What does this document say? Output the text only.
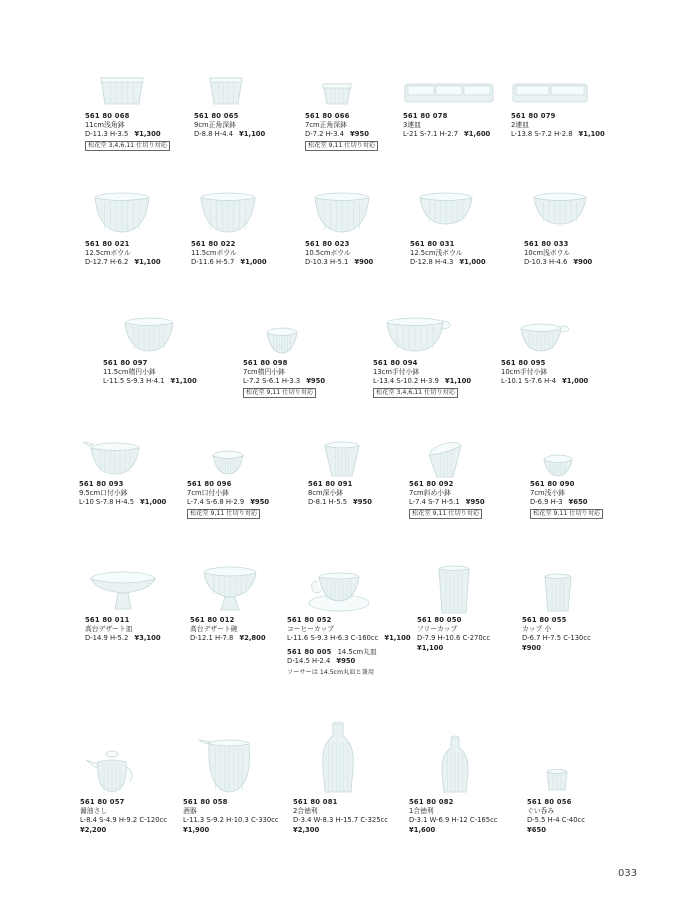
561 80 068
11cm浅角鉢
D-11.3 H-3.5 ¥1,300
松花堂 3,4,6,11 仕切り対応
561 80 065
9cm正角深鉢
D-8.8 H-4.4 ¥1,100
561 80 066
7cm正角深鉢
D-7.2 H-3.4 ¥950
松花堂 9,11 仕切り対応
561 80 078
3連皿
L-21 S-7.1 H-2.7 ¥1,600
561 80 079
2連皿
L-13.8 S-7.2 H-2.8 ¥1,100
561 80 021
12.5cmボウル
D-12.7 H-6.2 ¥1,100
561 80 022
11.5cmボウル
D-11.6 H-5.7 ¥1,000
561 80 023
10.5cmボウル
D-10.3 H-5.1 ¥900
561 80 031
12.5cm浅ボウル
D-12.8 H-4.3 ¥1,000
561 80 033
10cm浅ボウル
D-10.3 H-4.6 ¥900
561 80 097
11.5cm楕円小鉢
L-11.5 S-9.3 H-4.1 ¥1,100
561 80 098
7cm楕円小鉢
L-7.2 S-6.1 H-3.3 ¥950
松花堂 9,11 仕切り対応
561 80 094
13cm手付小鉢
L-13.4 S-10.2 H-3.9 ¥1,100
松花堂 3,4,6,11 仕切り対応
561 80 095
10cm手付小鉢
L-10.1 S-7.6 H-4 ¥1,000
561 80 093
9.5cm口付小鉢
L-10 S-7.8 H-4.5 ¥1,000
561 80 096
7cm口付小鉢
L-7.4 S-6.8 H-2.9 ¥950
松花堂 9,11 仕切り対応
561 80 091
8cm深小鉢
D-8.1 H-5.5 ¥950
561 80 092
7cm斜め小鉢
L-7.4 S-7 H-5.1 ¥950
松花堂 9,11 仕切り対応
561 80 090
7cm浅小鉢
D-6.9 H-3 ¥650
松花堂 9,11 仕切り対応
561 80 011
高台デザート皿
D-14.9 H-5.2 ¥3,100
561 80 012
高台デザート碗
D-12.1 H-7.8 ¥2,800
561 80 052
コーヒーカップ
L-11.6 S-9.3 H-6.3 C-160cc ¥1,100
561 80 005 14.5cm丸皿
D-14.5 H-2.4 ¥950
ソーサーは 14.5cm丸皿と兼用
561 80 050
フリーカップ
D-7.9 H-10.6 C-270cc
¥1,100
561 80 055
カップ 小
D-6.7 H-7.5 C-130cc
¥900
561 80 057
醤油さし
L-8.4 S-4.9 H-9.2 C-120cc
¥2,200
561 80 058
酒器
L-11.3 S-9.2 H-10.3 C-330cc
¥1,900
561 80 081
2合徳利
D-3.4 W-8.3 H-15.7 C-325cc
¥2,300
561 80 082
1合徳利
D-3.1 W-6.9 H-12 C-165cc
¥1,600
561 80 056
ぐい呑み
D-5.5 H-4 C-40cc
¥650
033
